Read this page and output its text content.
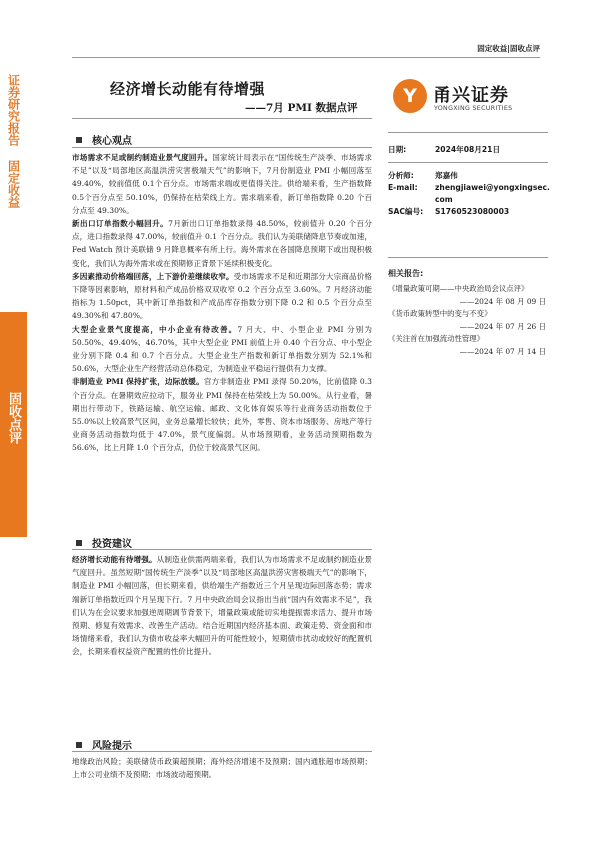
固定收益|固收点评
证券研究报告 固定收益
固收点评
经济增长动能有待增强
——7月 PMI 数据点评
Y 甬兴证券
YONGXING SECURITIES
核心观点

市场需求不足或制约制造业景气度回升。国家统计局表示在“国传统生产淡季、市场需求不足”以及“局部地区高温洪涝灾害极端天气”的影响下，7月份制造业 PMI 小幅回落至 49.40%，较前值低 0.1个百分点。市场需求端或更值得关注。供给端来看，生产指数降 0.5个百分点至 50.10%，仍保持在枯荣线上方。需求端来看，新订单指数降 0.20 个百分点至 49.30%。

新出口订单指数小幅回升。7月新出口订单指数录得 48.50%，较前值升 0.20 个百分点，进口指数录得 47.00%，较前值升 0.1 个百分点。我们认为美联储降息节奏或加速，Fed Watch 预计美联储 9 月降息概率有所上行。海外需求在各国降息预期下或出现积极变化，我们认为海外需求或在预期修正背景下延续积极变化。

多因素推动价格端回落，上下游价差继续收窄。受市场需求不足和近期部分大宗商品价格下降等因素影响，原材料和产成品价格双双收窄 0.2 个百分点至 3.60%。7 月经济动能指标为 1.50pct，其中新订单指数和产成品库存指数分别下降 0.2 和 0.5 个百分点至 49.30%和 47.80%。

大型企业景气度提高，中小企业有待改善。7 月大、中、小型企业 PMI 分别为 50.50%、49.40%、46.70%，其中大型企业 PMI 前值上升 0.40 个百分点、中小型企业分别下降 0.4 和 0.7 个百分点。大型企业生产指数和新订单指数分别为 52.1%和 50.6%，大型企业生产经营活动总体稳定，为制造业平稳运行提供有力支撑。

非制造业 PMI 保持扩张，边际放缓。官方非制造业 PMI 录得 50.20%，比前值降 0.3 个百分点。在暑期效应拉动下，服务业 PMI 保持在枯荣线上为 50.00%。从行业看，暑期出行带动下，铁路运输、航空运输、邮政、文化体育娱乐等行业商务活动指数位于 55.0%以上较高景气区间，业务总量增长较快；此外，零售、资本市场服务、房地产等行业商务活动指数均低于 47.0%，景气度偏弱。从市场预期看，业务活动预期指数为 56.6%，比上月降 1.0 个百分点，仍位于较高景气区间。

投资建议

经济增长动能有待增强。从制造业供需两端来看，我们认为市场需求不足或制约制造业景气度回升。虽然短期“国传统生产淡季”以及“局部地区高温洪涝灾害极端天气”的影响下，制造业 PMI 小幅回落，但长期来看，供给端生产指数近三个月呈现边际回落态势；需求端新订单指数近四个月呈现下行。7 月中央政治局会议指出当前“国内有效需求不足”，我们认为在会议要求加强逆周期调节背景下，增量政策或能切实地提振需求活力、提升市场预期、修复有效需求、改善生产活动。结合近期国内经济基本面、政策走势、资金面和市场情绪来看，我们认为债市收益率大幅回升的可能性较小，短期债市扰动或较好的配置机会，长期来看权益资产配置的性价比提升。

风险提示

地缘政治风险；美联储货币政策超预期；海外经济增速不及预期；国内通胀超市场预期；上市公司业绩不及预期；市场波动超预期。

日期:	2024年08月21日
分析师:	郑嘉伟
E-mail:	zhengjiawei@yongxingsec.com
SAC编号:	S1760523080003
相关报告:
《增量政策可期——中央政治局会议点评》
——2024 年 08 月 09 日
《货币政策转型中的变与不变》
——2024 年 07 月 26 日
《关注首在加强流动性管理》
——2024 年 07 月 14 日
